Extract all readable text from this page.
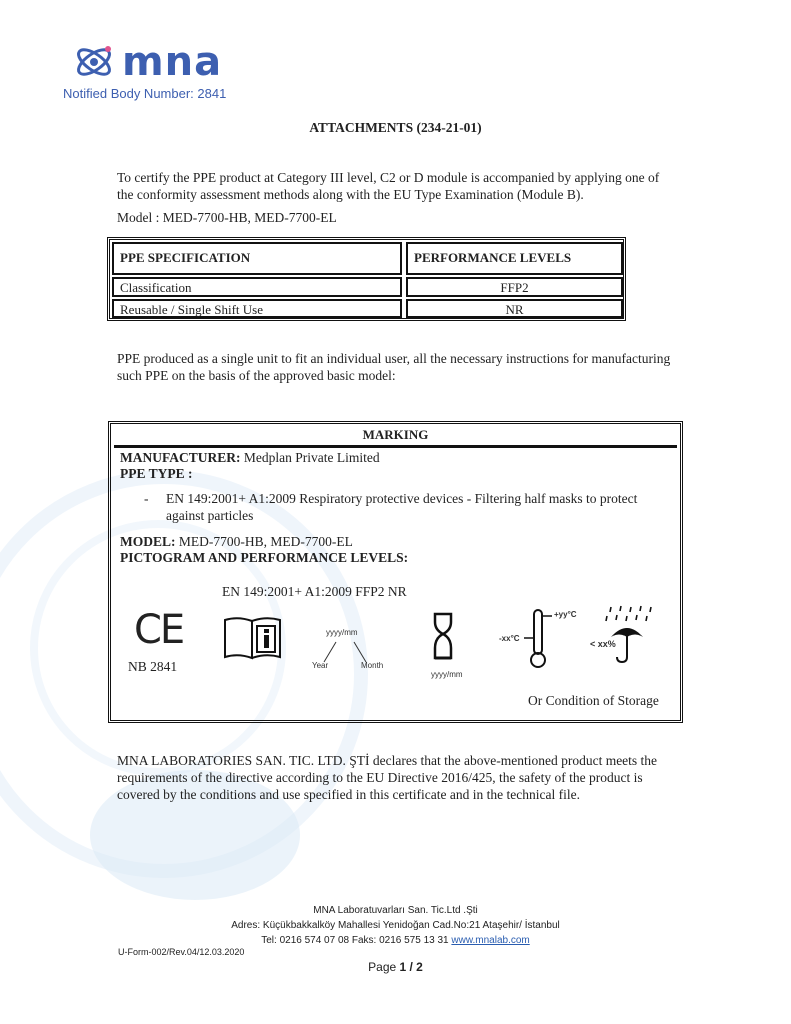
mna
Notified Body Number: 2841
ATTACHMENTS (234-21-01)
To certify the PPE product at Category III level, C2 or D module is accompanied by applying one of the conformity assessment methods along with the EU Type Examination (Module B).
Model : MED-7700-HB, MED-7700-EL
PPE SPECIFICATION	PERFORMANCE LEVELS
Classification	FFP2
Reusable / Single Shift Use	NR
PPE produced as a single unit to fit an individual user, all the necessary instructions for manufacturing such PPE on the basis of the approved basic model:
MARKING
MANUFACTURER: Medplan Private Limited
PPE TYPE :
- EN 149:2001+ A1:2009 Respiratory protective devices - Filtering half masks to protect
against particles
MODEL: MED-7700-HB, MED-7700-EL
PICTOGRAM AND PERFORMANCE LEVELS:
EN 149:2001+ A1:2009 FFP2 NR
CE
NB 2841
yyyy/mm
Year	Month
yyyy/mm
+yy°C
-xx°C
< xx%
Or Condition of Storage
MNA LABORATORIES SAN. TIC. LTD. ŞTİ declares that the above-mentioned product meets the requirements of the directive according to the EU Directive 2016/425, the safety of the product is covered by the conditions and use specified in this certificate and in the technical file.
MNA Laboratuvarları San. Tic.Ltd .Şti
Adres: Küçükbakkalköy Mahallesi Yenidoğan Cad.No:21 Ataşehir/ İstanbul
Tel: 0216 574 07 08 Faks: 0216 575 13 31 www.mnalab.com
U-Form-002/Rev.04/12.03.2020
Page 1 / 2
